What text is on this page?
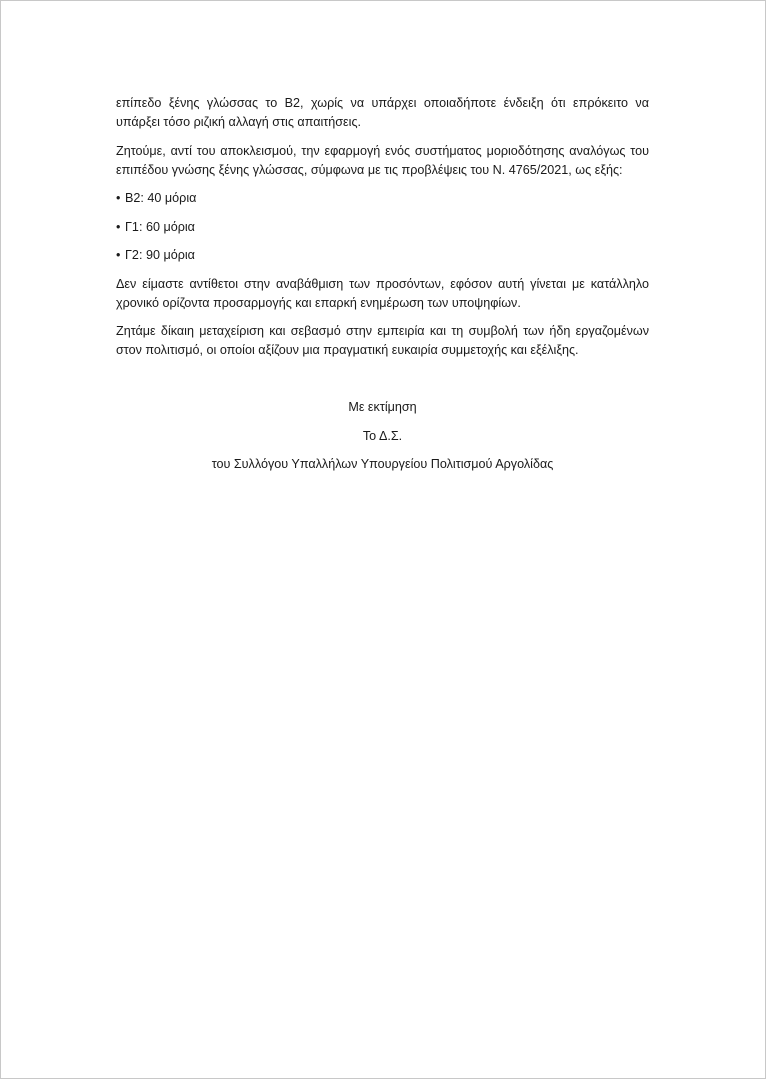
επίπεδο ξένης γλώσσας το Β2, χωρίς να υπάρχει οποιαδήποτε ένδειξη ότι επρόκειτο να υπάρξει τόσο ριζική αλλαγή στις απαιτήσεις.

Ζητούμε, αντί του αποκλεισμού, την εφαρμογή ενός συστήματος μοριοδότησης αναλόγως του επιπέδου γνώσης ξένης γλώσσας, σύμφωνα με τις προβλέψεις του Ν. 4765/2021, ως εξής:

• Β2: 40 μόρια
• Γ1: 60 μόρια
• Γ2: 90 μόρια

Δεν είμαστε αντίθετοι στην αναβάθμιση των προσόντων, εφόσον αυτή γίνεται με κατάλληλο χρονικό ορίζοντα προσαρμογής και επαρκή ενημέρωση των υποψηφίων.

Ζητάμε δίκαιη μεταχείριση και σεβασμό στην εμπειρία και τη συμβολή των ήδη εργαζομένων στον πολιτισμό, οι οποίοι αξίζουν μια πραγματική ευκαιρία συμμετοχής και εξέλιξης.

Με εκτίμηση

Το Δ.Σ.

του Συλλόγου Υπαλλήλων Υπουργείου Πολιτισμού Αργολίδας
